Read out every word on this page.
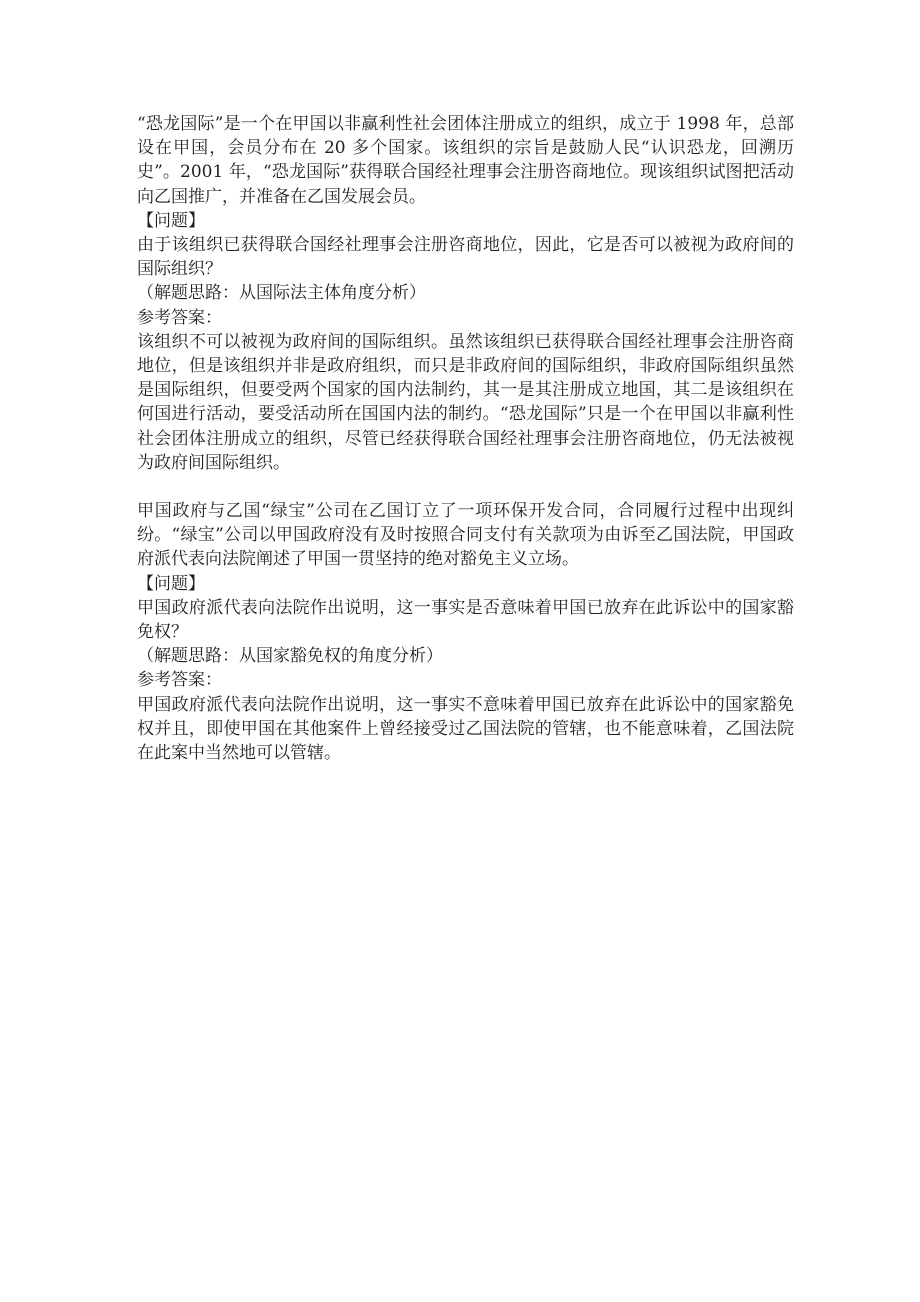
“恐龙国际”是一个在甲国以非赢利性社会团体注册成立的组织，成立于 1998 年，总部设在甲国，会员分布在 20 多个国家。该组织的宗旨是鼓励人民“认识恐龙，回溯历史”。2001 年，“恐龙国际”获得联合国经社理事会注册咨商地位。现该组织试图把活动向乙国推广，并准备在乙国发展会员。

【问题】

由于该组织已获得联合国经社理事会注册咨商地位，因此，它是否可以被视为政府间的国际组织？

（解题思路：从国际法主体角度分析）

参考答案：

该组织不可以被视为政府间的国际组织。虽然该组织已获得联合国经社理事会注册咨商地位，但是该组织并非是政府组织，而只是非政府间的国际组织，非政府国际组织虽然是国际组织，但要受两个国家的国内法制约，其一是其注册成立地国，其二是该组织在何国进行活动，要受活动所在国国内法的制约。“恐龙国际”只是一个在甲国以非赢利性社会团体注册成立的组织，尽管已经获得联合国经社理事会注册咨商地位，仍无法被视为政府间国际组织。

甲国政府与乙国“绿宝”公司在乙国订立了一项环保开发合同，合同履行过程中出现纠纷。“绿宝”公司以甲国政府没有及时按照合同支付有关款项为由诉至乙国法院，甲国政府派代表向法院阐述了甲国一贯坚持的绝对豁免主义立场。

【问题】

甲国政府派代表向法院作出说明，这一事实是否意味着甲国已放弃在此诉讼中的国家豁免权？

（解题思路：从国家豁免权的角度分析）

参考答案：

甲国政府派代表向法院作出说明，这一事实不意味着甲国已放弃在此诉讼中的国家豁免权并且，即使甲国在其他案件上曾经接受过乙国法院的管辖，也不能意味着，乙国法院在此案中当然地可以管辖。
